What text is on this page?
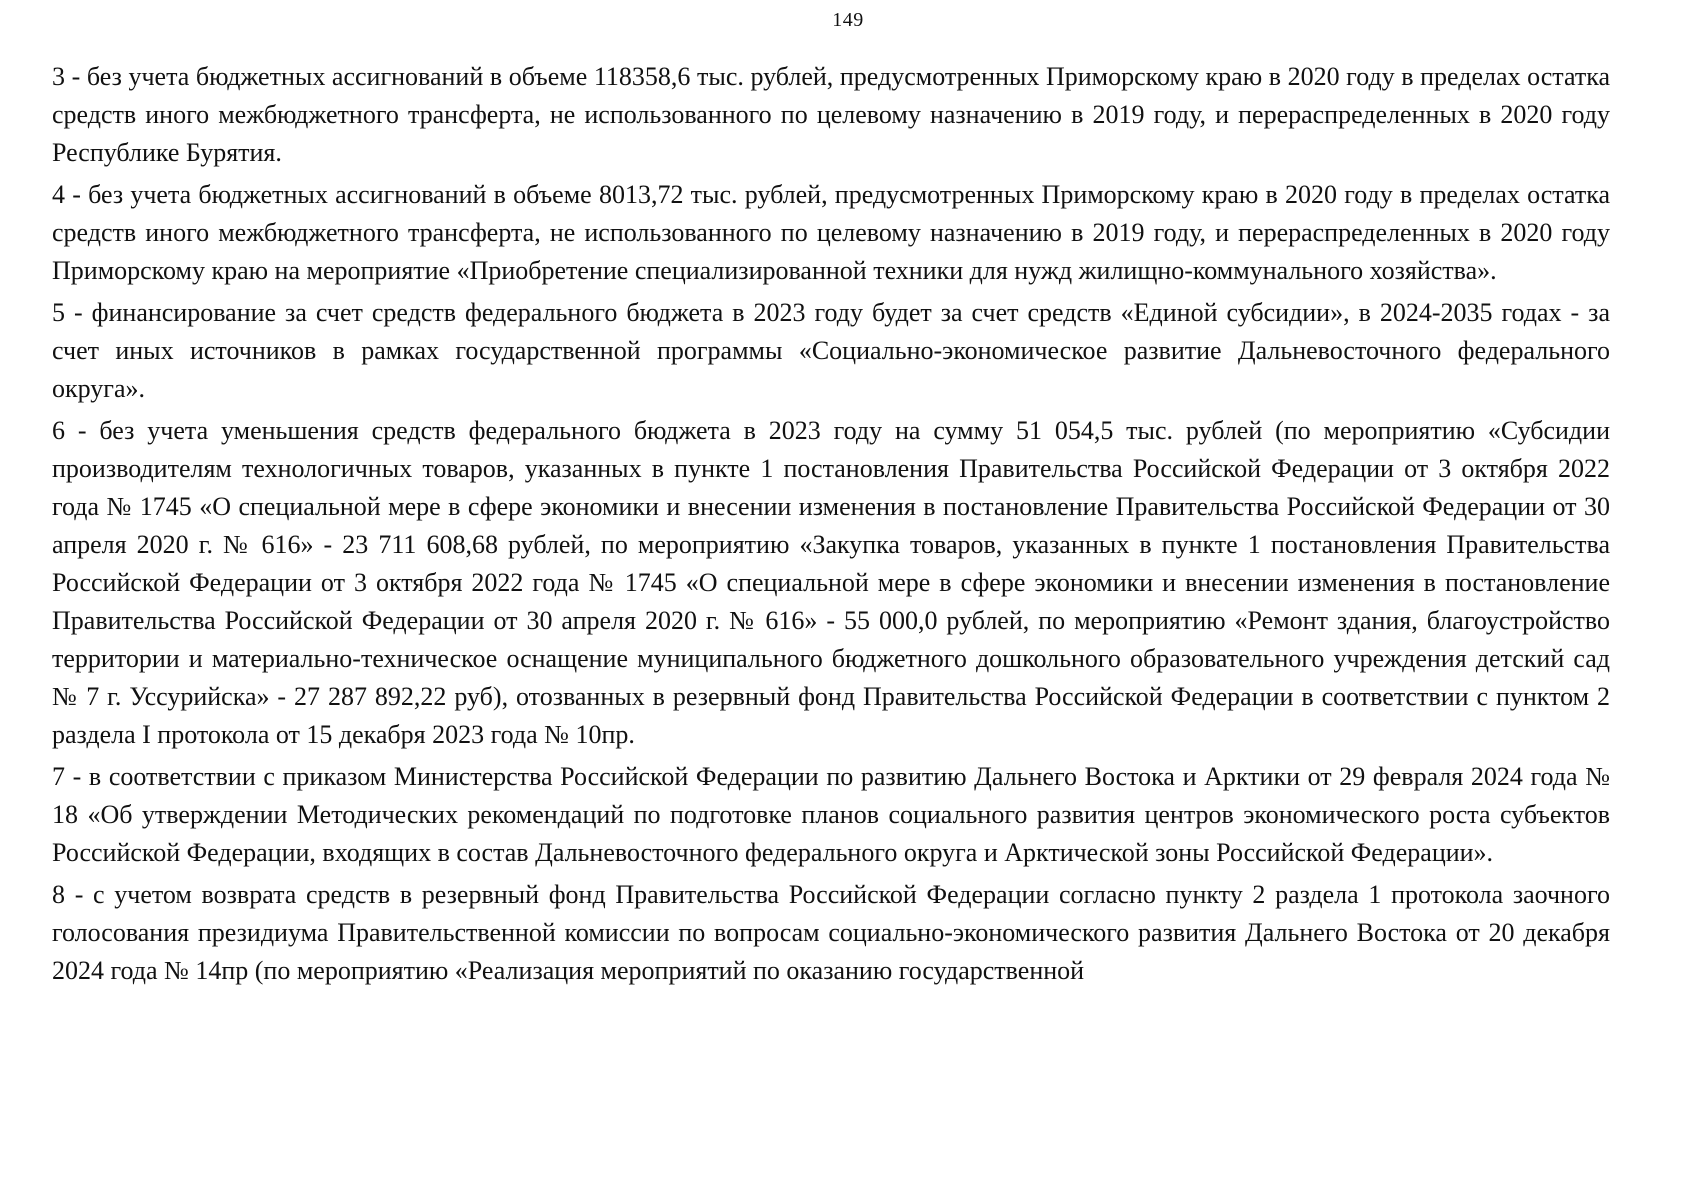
149

3 - без учета бюджетных ассигнований в объеме 118358,6 тыс. рублей, предусмотренных Приморскому краю в 2020 году в пределах остатка средств иного межбюджетного трансферта, не использованного по целевому назначению в 2019 году, и перераспределенных в 2020 году Республике Бурятия.

4 - без учета бюджетных ассигнований в объеме 8013,72 тыс. рублей, предусмотренных Приморскому краю в 2020 году в пределах остатка средств иного межбюджетного трансферта, не использованного по целевому назначению в 2019 году, и перераспределенных в 2020 году Приморскому краю на мероприятие «Приобретение специализированной техники для нужд жилищно-коммунального хозяйства».

5 - финансирование за счет средств федерального бюджета в 2023 году будет за счет средств «Единой субсидии», в 2024-2035 годах - за счет иных источников в рамках государственной программы «Социально-экономическое развитие Дальневосточного федерального округа».

6 - без учета уменьшения средств федерального бюджета в 2023 году на сумму 51 054,5 тыс. рублей (по мероприятию «Субсидии производителям технологичных товаров, указанных в пункте 1 постановления Правительства Российской Федерации от 3 октября 2022 года № 1745 «О специальной мере в сфере экономики и внесении изменения в постановление Правительства Российской Федерации от 30 апреля 2020 г. № 616» - 23 711 608,68 рублей, по мероприятию «Закупка товаров, указанных в пункте 1 постановления Правительства Российской Федерации от 3 октября 2022 года № 1745 «О специальной мере в сфере экономики и внесении изменения в постановление Правительства Российской Федерации от 30 апреля 2020 г. № 616» - 55 000,0 рублей, по мероприятию «Ремонт здания, благоустройство территории и материально-техническое оснащение муниципального бюджетного дошкольного образовательного учреждения детский сад № 7 г. Уссурийска» - 27 287 892,22 руб), отозванных в резервный фонд Правительства Российской Федерации в соответствии с пунктом 2 раздела I протокола от 15 декабря 2023 года № 10пр.

7 - в соответствии с приказом Министерства Российской Федерации по развитию Дальнего Востока и Арктики от 29 февраля 2024 года № 18 «Об утверждении Методических рекомендаций по подготовке планов социального развития центров экономического роста субъектов Российской Федерации, входящих в состав Дальневосточного федерального округа и Арктической зоны Российской Федерации».

8 - с учетом возврата средств в резервный фонд Правительства Российской Федерации согласно пункту 2 раздела 1 протокола заочного голосования президиума Правительственной комиссии по вопросам социально-экономического развития Дальнего Востока от 20 декабря 2024 года № 14пр (по мероприятию «Реализация мероприятий по оказанию государственной
